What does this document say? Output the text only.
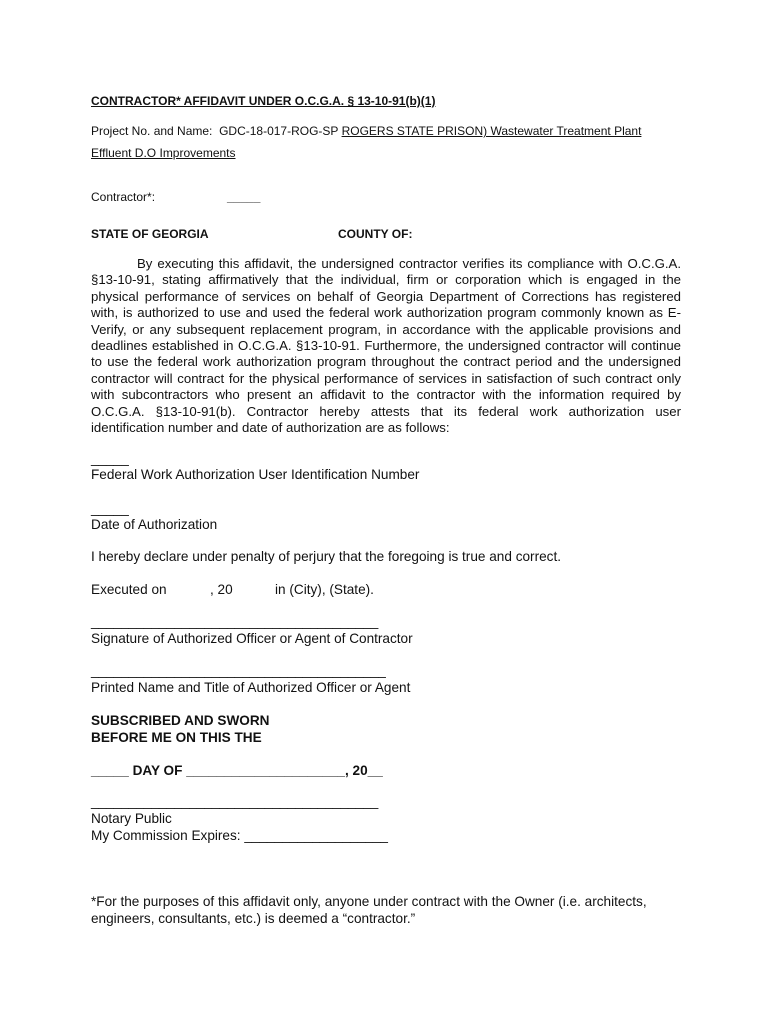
CONTRACTOR* AFFIDAVIT UNDER O.C.G.A. § 13-10-91(b)(1)
Project No. and Name: GDC-18-017-ROG-SP ROGERS STATE PRISON) Wastewater Treatment Plant
Effluent D.O Improvements
Contractor*:	_____
STATE OF GEORGIA	COUNTY OF:
By executing this affidavit, the undersigned contractor verifies its compliance with O.C.G.A. §13-10-91, stating affirmatively that the individual, firm or corporation which is engaged in the physical performance of services on behalf of Georgia Department of Corrections has registered with, is authorized to use and used the federal work authorization program commonly known as E-Verify, or any subsequent replacement program, in accordance with the applicable provisions and deadlines established in O.C.G.A. §13-10-91. Furthermore, the undersigned contractor will continue to use the federal work authorization program throughout the contract period and the undersigned contractor will contract for the physical performance of services in satisfaction of such contract only with subcontractors who present an affidavit to the contractor with the information required by O.C.G.A. §13-10-91(b). Contractor hereby attests that its federal work authorization user identification number and date of authorization are as follows:
_____
Federal Work Authorization User Identification Number
_____
Date of Authorization
I hereby declare under penalty of perjury that the foregoing is true and correct.
Executed on	, 20	in (City), (State).
______________________________________
Signature of Authorized Officer or Agent of Contractor
_______________________________________
Printed Name and Title of Authorized Officer or Agent
SUBSCRIBED AND SWORN
BEFORE ME ON THIS THE
_____ DAY OF _____________________, 20__
______________________________________
Notary Public
My Commission Expires: ___________________
*For the purposes of this affidavit only, anyone under contract with the Owner (i.e. architects,
engineers, consultants, etc.) is deemed a “contractor.”
